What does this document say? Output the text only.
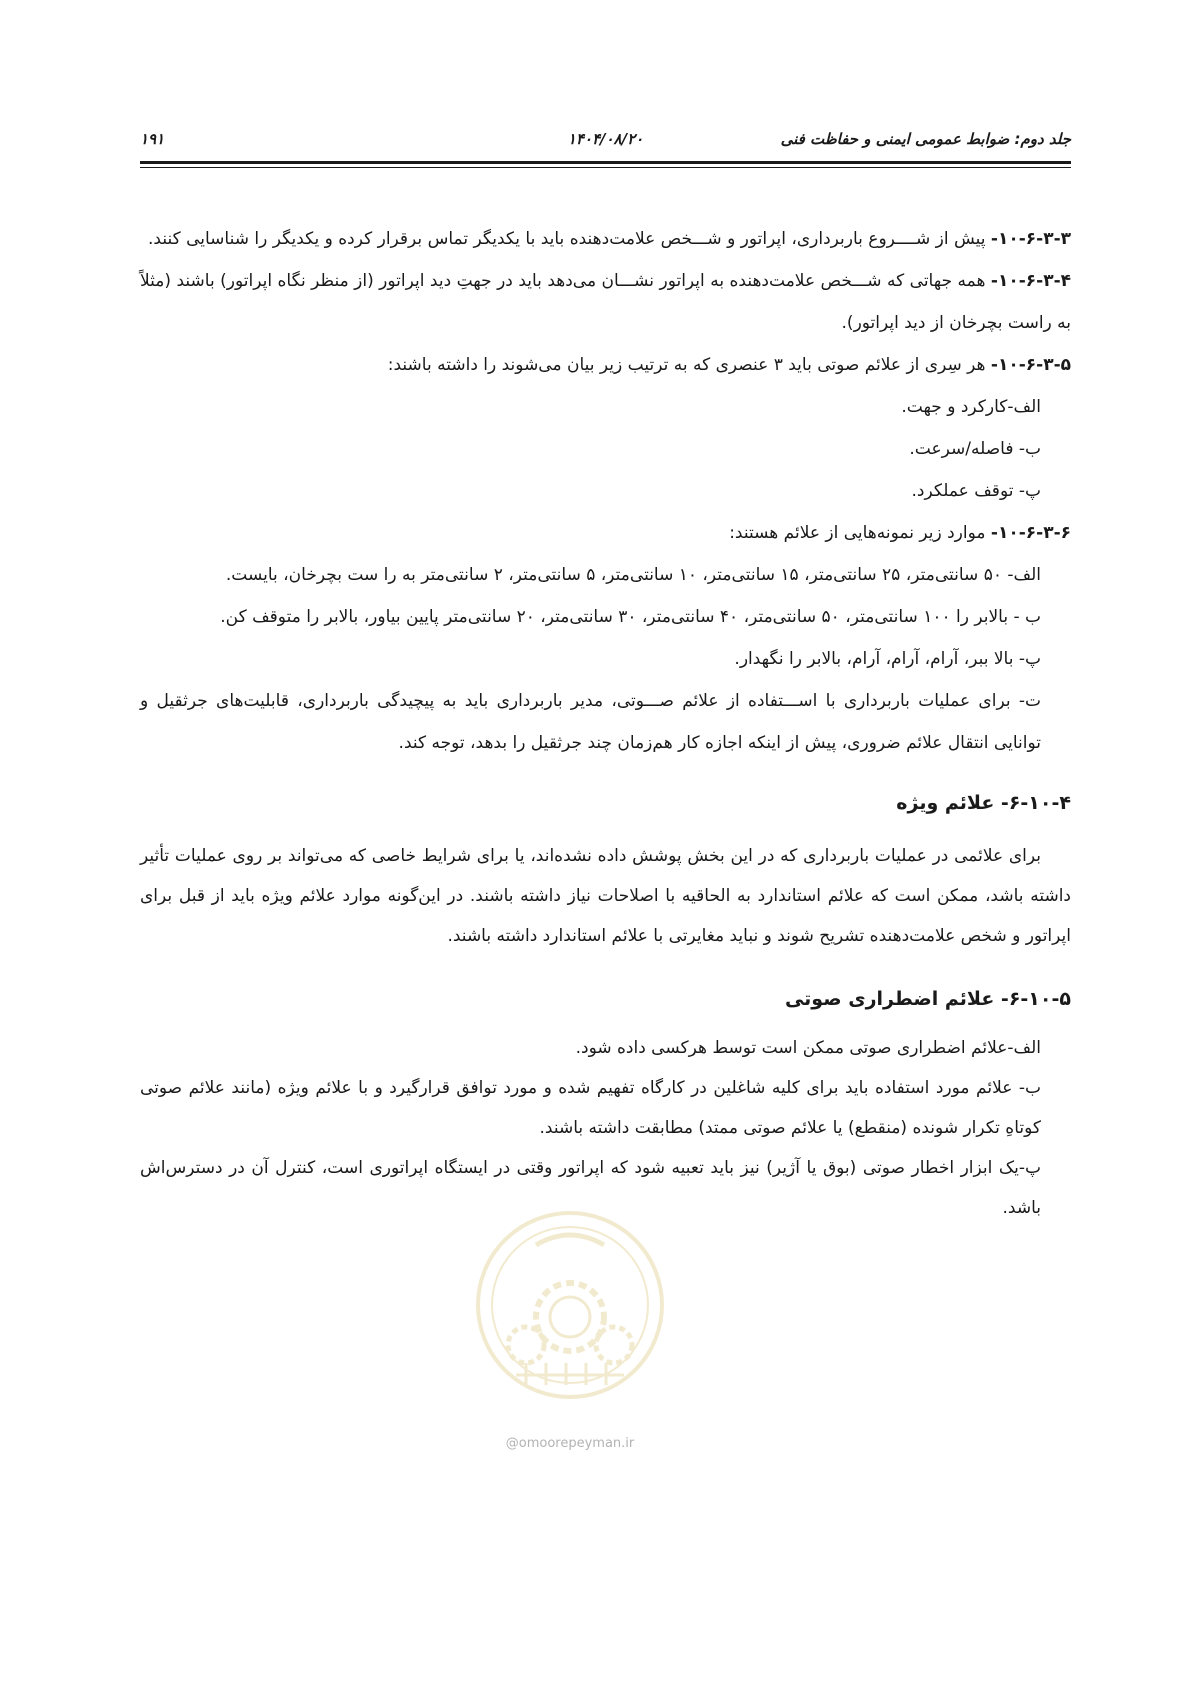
جلد دوم: ضوابط عمومی ایمنی و حفاظت فنی
۱۴۰۴/۰۸/۲۰
۱۹۱

۱۰-۶-۳-۳- پیش از شــــروع باربرداری، اپراتور و شـــخص علامت‌دهنده باید با یکدیگر تماس برقرار کرده و یکدیگر را شناسایی کنند.

۱۰-۶-۳-۴- همه جهاتی که شـــخص علامت‌دهنده به اپراتور نشـــان می‌دهد باید در جهتِ دید اپراتور (از منظر نگاه اپراتور) باشند (مثلاً به راست بچرخان از دید اپراتور).

۱۰-۶-۳-۵- هر سِری از علائم صوتی باید ۳ عنصری که به ترتیب زیر بیان می‌شوند را داشته باشند:

الف-کارکرد و جهت.

ب- فاصله/سرعت.

پ- توقف عملکرد.

۱۰-۶-۳-۶- موارد زیر نمونه‌هایی از علائم هستند:

الف- ۵۰ سانتی‌متر، ۲۵ سانتی‌متر، ۱۵ سانتی‌متر، ۱۰ سانتی‌متر، ۵ سانتی‌متر، ۲ سانتی‌متر به را ست بچرخان، بایست.

ب - بالابر را ۱۰۰ سانتی‌متر، ۵۰ سانتی‌متر، ۴۰ سانتی‌متر، ۳۰ سانتی‌متر، ۲۰ سانتی‌متر پایین بیاور، بالابر را متوقف کن.

پ- بالا ببر، آرام، آرام، آرام، بالابر را نگهدار.

ت- برای عملیات باربرداری با اســـتفاده از علائم صـــوتی، مدیر باربرداری باید به پیچیدگی باربرداری، قابلیت‌های جرثقیل و توانایی انتقال علائم ضروری، پیش از اینکه اجازه کار هم‌زمان چند جرثقیل را بدهد، توجه کند.

۶-۱۰-۴- علائم ویژه

برای علائمی در عملیات باربرداری که در این بخش پوشش داده نشده‌اند، یا برای شرایط خاصی که می‌تواند بر روی عملیات تأثیر داشته باشد، ممکن است که علائم استاندارد به الحاقیه با اصلاحات نیاز داشته باشند. در این‌گونه موارد علائم ویژه باید از قبل برای اپراتور و شخص علامت‌دهنده تشریح شوند و نباید مغایرتی با علائم استاندارد داشته باشند.

۶-۱۰-۵- علائم اضطراری صوتی

الف-علائم اضطراری صوتی ممکن است توسط هرکسی داده شود.

ب- علائم مورد استفاده باید برای کلیه شاغلین در کارگاه تفهیم شده و مورد توافق قرارگیرد و با علائم ویژه (مانند علائم صوتی کوتاهِ تکرار شونده (منقطع) یا علائم صوتی ممتد) مطابقت داشته باشند.

پ-یک ابزار اخطار صوتی (بوق یا آژیر) نیز باید تعبیه شود که اپراتور وقتی در ایستگاه اپراتوری است، کنترل آن در دسترس‌اش باشد.

@omoorepeyman.ir
